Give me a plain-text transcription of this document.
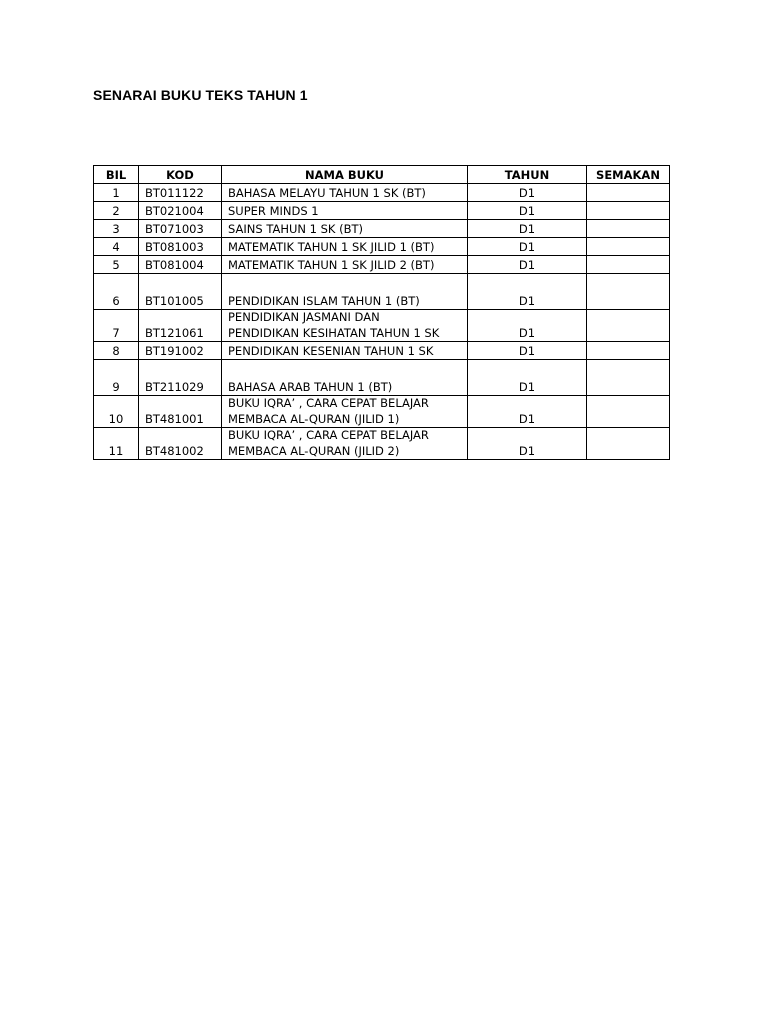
SENARAI BUKU TEKS TAHUN 1
BIL	KOD	NAMA BUKU	TAHUN	SEMAKAN
1	BT011122	BAHASA MELAYU TAHUN 1 SK (BT)	D1	
2	BT021004	SUPER MINDS 1	D1	
3	BT071003	SAINS TAHUN 1 SK (BT)	D1	
4	BT081003	MATEMATIK TAHUN 1 SK JILID 1 (BT)	D1	
5	BT081004	MATEMATIK TAHUN 1 SK JILID 2 (BT)	D1	
6	BT101005	PENDIDIKAN ISLAM TAHUN 1 (BT)	D1	
7	BT121061	PENDIDIKAN JASMANI DAN
PENDIDIKAN KESIHATAN TAHUN 1 SK	D1	
8	BT191002	PENDIDIKAN KESENIAN TAHUN 1 SK	D1	
9	BT211029	BAHASA ARAB TAHUN 1 (BT)	D1	
10	BT481001	BUKU IQRA’ , CARA CEPAT BELAJAR
MEMBACA AL-QURAN (JILID 1)	D1	
11	BT481002	BUKU IQRA’ , CARA CEPAT BELAJAR
MEMBACA AL-QURAN (JILID 2)	D1	
